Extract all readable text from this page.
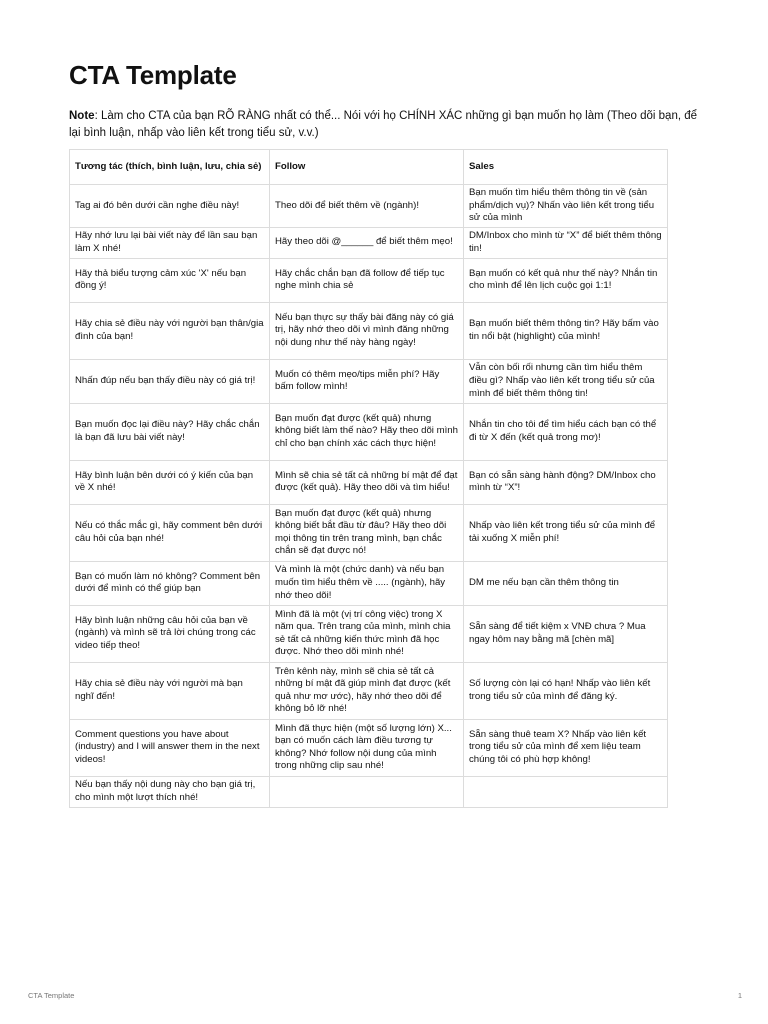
CTA Template

Note: Làm cho CTA của bạn RÕ RÀNG nhất có thể... Nói với họ CHÍNH XÁC những gì bạn muốn họ làm (Theo dõi bạn, để lại bình luận, nhấp vào liên kết trong tiểu sử, v.v.)

Tương tác (thích, bình luận, lưu, chia sẻ)	Follow	Sales
Tag ai đó bên dưới cần nghe điều này!	Theo dõi để biết thêm về (ngành)!	Bạn muốn tìm hiểu thêm thông tin về (sản phẩm/dịch vụ)? Nhấn vào liên kết trong tiểu sử của mình
Hãy nhớ lưu lại bài viết này để lần sau bạn làm X nhé!	Hãy theo dõi @______ để biết thêm mẹo!	DM/Inbox cho mình từ “X” để biết thêm thông tin!
Hãy thả biểu tượng cảm xúc 'X' nếu bạn đồng ý!	Hãy chắc chắn bạn đã follow để tiếp tục nghe mình chia sẻ	Bạn muốn có kết quả như thế này? Nhắn tin cho mình để lên lịch cuộc gọi 1:1!
Hãy chia sẻ điều này với người bạn thân/gia đình của bạn!	Nếu bạn thực sự thấy bài đăng này có giá trị, hãy nhớ theo dõi vì mình đăng những nội dung như thế này hàng ngày!	Bạn muốn biết thêm thông tin? Hãy bấm vào tin nổi bật (highlight) của mình!
Nhấn đúp nếu bạn thấy điều này có giá trị!	Muốn có thêm mẹo/tips miễn phí? Hãy bấm follow mình!	Vẫn còn bối rối nhưng cần tìm hiểu thêm điều gì? Nhấp vào liên kết trong tiểu sử của mình để biết thêm thông tin!
Bạn muốn đọc lại điều này? Hãy chắc chắn là bạn đã lưu bài viết này!	Bạn muốn đạt được (kết quả) nhưng không biết làm thế nào? Hãy theo dõi mình chỉ cho bạn chính xác cách thực hiện!	Nhắn tin cho tôi để tìm hiểu cách bạn có thể đi từ X đến (kết quả trong mơ)!
Hãy bình luận bên dưới có ý kiến của bạn về X nhé!	Mình sẽ chia sẻ tất cả những bí mật để đạt được (kết quả). Hãy theo dõi và tìm hiểu!	Bạn có sẵn sàng hành động? DM/Inbox cho mình từ “X”!
Nếu có thắc mắc gì, hãy comment bên dưới câu hỏi của bạn nhé!	Bạn muốn đạt được (kết quả) nhưng không biết bắt đầu từ đâu? Hãy theo dõi mọi thông tin trên trang mình, bạn chắc chắn sẽ đạt được nó!	Nhấp vào liên kết trong tiểu sử của mình để tải xuống X miễn phí!
Bạn có muốn làm nó không? Comment bên dưới để mình có thể giúp bạn	Và mình là một (chức danh) và nếu bạn muốn tìm hiểu thêm về ..... (ngành), hãy nhớ theo dõi!	DM me nếu bạn cần thêm thông tin
Hãy bình luận những câu hỏi của bạn về (ngành) và mình sẽ trả lời chúng trong các video tiếp theo!	Mình đã là một (vị trí công việc) trong X năm qua. Trên trang của mình, mình chia sẻ tất cả những kiến thức mình đã học được. Nhớ theo dõi mình nhé!	Sẵn sàng để tiết kiệm x VNĐ chưa ? Mua ngay hôm nay bằng mã [chèn mã]
Hãy chia sẻ điều này với người mà bạn nghĩ đến!	Trên kênh này, mình sẽ chia sẻ tất cả những bí mật đã giúp mình đạt được (kết quả như mơ ước), hãy nhớ theo dõi để không bỏ lỡ nhé!	Số lượng còn lại có hạn! Nhấp vào liên kết trong tiểu sử của mình để đăng ký.
Comment questions you have about (industry) and I will answer them in the next videos!	Mình đã thực hiện (một số lượng lớn) X... bạn có muốn cách làm điều tương tự không? Nhớ follow nội dung của mình trong những clip sau nhé!	Sẵn sàng thuê team X? Nhấp vào liên kết trong tiểu sử của mình để xem liệu team chúng tôi có phù hợp không!
Nếu bạn thấy nội dung này cho bạn giá trị, cho mình một lượt thích nhé!		
CTA Template	1
